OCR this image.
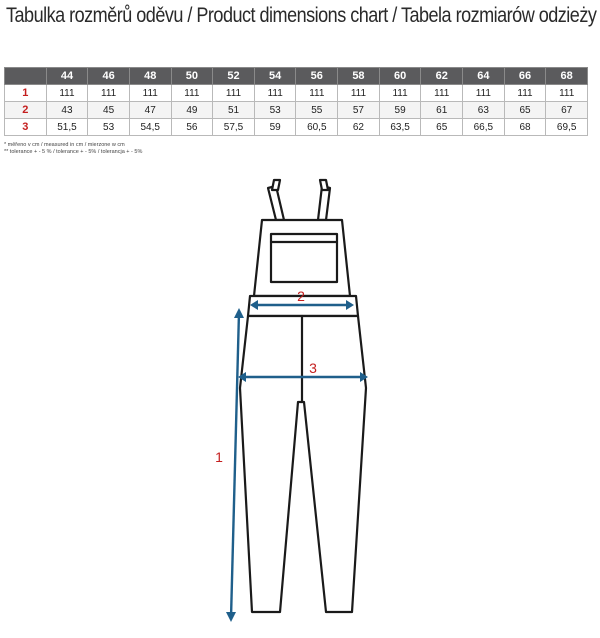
Tabulka rozměrů oděvu / Product dimensions chart / Tabela rozmiarów odzieży
	44	46	48	50	52	54	56	58	60	62	64	66	68
1	111	111	111	111	111	111	111	111	111	111	111	111	111
2	43	45	47	49	51	53	55	57	59	61	63	65	67
3	51,5	53	54,5	56	57,5	59	60,5	62	63,5	65	66,5	68	69,5
* měřeno v cm / measured in cm / mierzone w cm
** tolerance + - 5 % / tolerance + - 5% / tolerancja + - 5%
2
3
1
